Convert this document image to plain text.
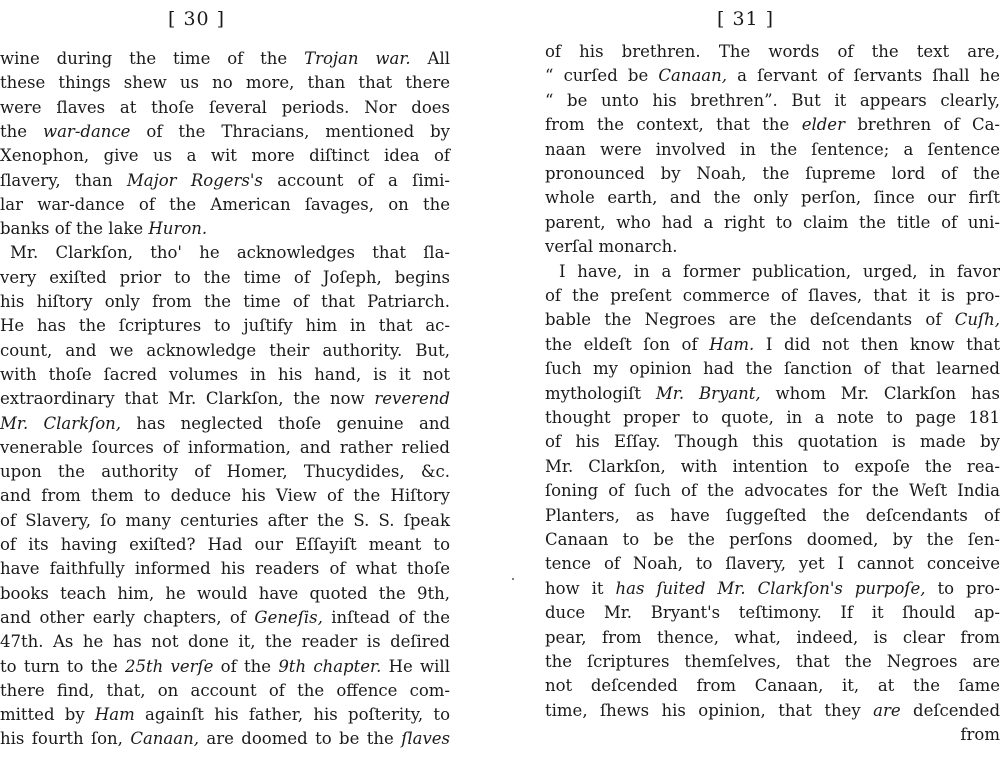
[ 30 ]
wine during the time of the Trojan war. All
these things shew us no more, than that there
were ſlaves at thoſe ſeveral periods. Nor does
the war-dance of the Thracians, mentioned by
Xenophon, give us a wit more diſtinct idea of
ſlavery, than Major Rogers's account of a ſimi-
lar war-dance of the American ſavages, on the
banks of the lake Huron.
Mr. Clarkſon, tho' he acknowledges that ſla-
very exiſted prior to the time of Joſeph, begins
his hiſtory only from the time of that Patriarch.
He has the ſcriptures to juſtify him in that ac-
count, and we acknowledge their authority. But,
with thoſe ſacred volumes in his hand, is it not
extraordinary that Mr. Clarkſon, the now reverend
Mr. Clarkſon, has neglected thoſe genuine and
venerable ſources of information, and rather relied
upon the authority of Homer, Thucydides, &c.
and from them to deduce his View of the Hiſtory
of Slavery, ſo many centuries after the S. S. ſpeak
of its having exiſted? Had our Eſſayiſt meant to
have faithfully informed his readers of what thoſe
books teach him, he would have quoted the 9th,
and other early chapters, of Geneſis, inſtead of the
47th. As he has not done it, the reader is deſired
to turn to the 25th verſe of the 9th chapter. He will
there find, that, on account of the offence com-
mitted by Ham againſt his father, his poſterity, to
his fourth ſon, Canaan, are doomed to be the ſlaves
[ 31 ]
of his brethren. The words of the text are,
“ curſed be Canaan, a ſervant of ſervants ſhall he
“ be unto his brethren”. But it appears clearly,
from the context, that the elder brethren of Ca-
naan were involved in the ſentence; a ſentence
pronounced by Noah, the ſupreme lord of the
whole earth, and the only perſon, ſince our firſt
parent, who had a right to claim the title of uni-
verſal monarch.
I have, in a former publication, urged, in favor
of the preſent commerce of ſlaves, that it is pro-
bable the Negroes are the deſcendants of Cuſh,
the eldeſt ſon of Ham. I did not then know that
ſuch my opinion had the ſanction of that learned
mythologiſt Mr. Bryant, whom Mr. Clarkſon has
thought proper to quote, in a note to page 181
of his Eſſay. Though this quotation is made by
Mr. Clarkſon, with intention to expoſe the rea-
ſoning of ſuch of the advocates for the Weſt India
Planters, as have ſuggeſted the deſcendants of
Canaan to be the perſons doomed, by the ſen-
tence of Noah, to ſlavery, yet I cannot conceive
how it has ſuited Mr. Clarkſon's purpoſe, to pro-
duce Mr. Bryant's teſtimony. If it ſhould ap-
pear, from thence, what, indeed, is clear from
the ſcriptures themſelves, that the Negroes are
not deſcended from Canaan, it, at the ſame
time, ſhews his opinion, that they are deſcended
from
